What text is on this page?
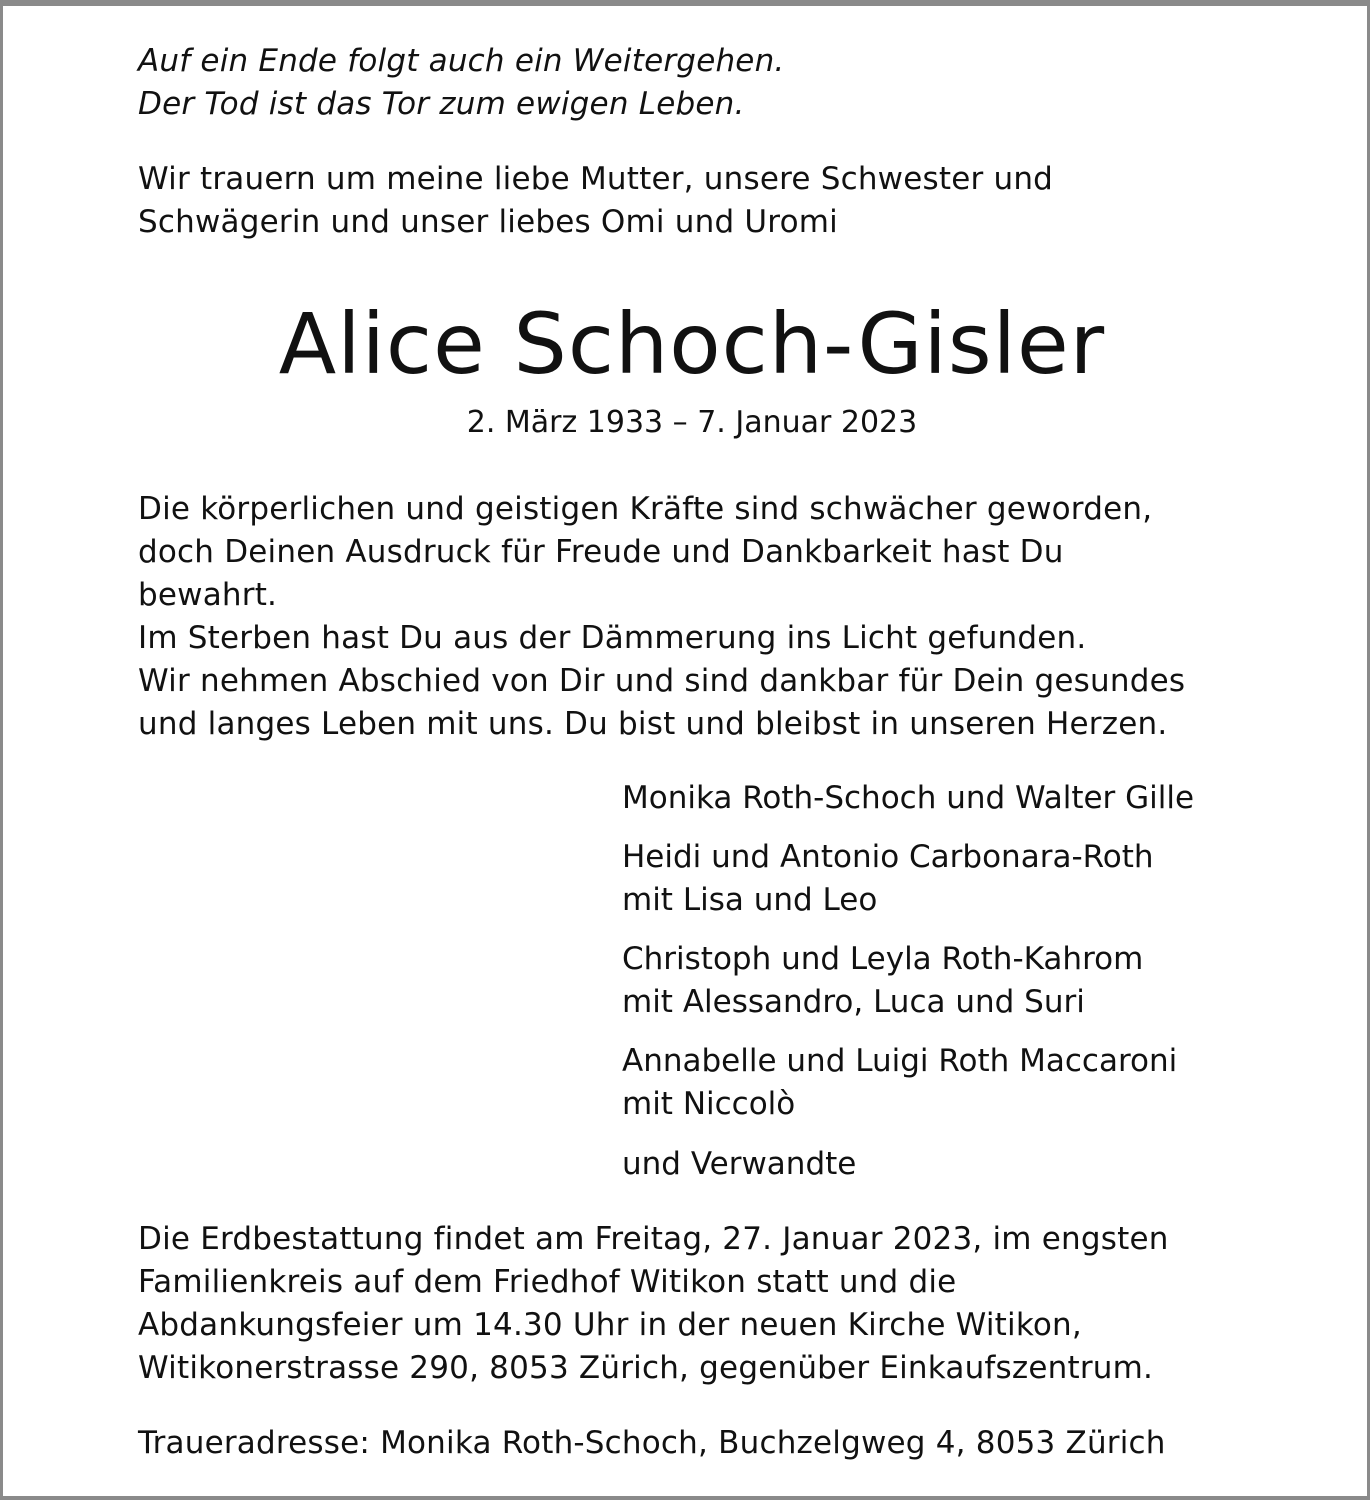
Auf ein Ende folgt auch ein Weitergehen.
Der Tod ist das Tor zum ewigen Leben.
Wir trauern um meine liebe Mutter, unsere Schwester und
Schwägerin und unser liebes Omi und Uromi
Alice Schoch-Gisler
2. März 1933 – 7. Januar 2023
Die körperlichen und geistigen Kräfte sind schwächer geworden,
doch Deinen Ausdruck für Freude und Dankbarkeit hast Du
bewahrt.
Im Sterben hast Du aus der Dämmerung ins Licht gefunden.
Wir nehmen Abschied von Dir und sind dankbar für Dein gesundes
und langes Leben mit uns. Du bist und bleibst in unseren Herzen.
Monika Roth-Schoch und Walter Gille
Heidi und Antonio Carbonara-Roth
mit Lisa und Leo
Christoph und Leyla Roth-Kahrom
mit Alessandro, Luca und Suri
Annabelle und Luigi Roth Maccaroni
mit Niccolò
und Verwandte
Die Erdbestattung findet am Freitag, 27. Januar 2023, im engsten
Familienkreis auf dem Friedhof Witikon statt und die
Abdankungsfeier um 14.30 Uhr in der neuen Kirche Witikon,
Witikonerstrasse 290, 8053 Zürich, gegenüber Einkaufszentrum.
Traueradresse: Monika Roth-Schoch, Buchzelgweg 4, 8053 Zürich
